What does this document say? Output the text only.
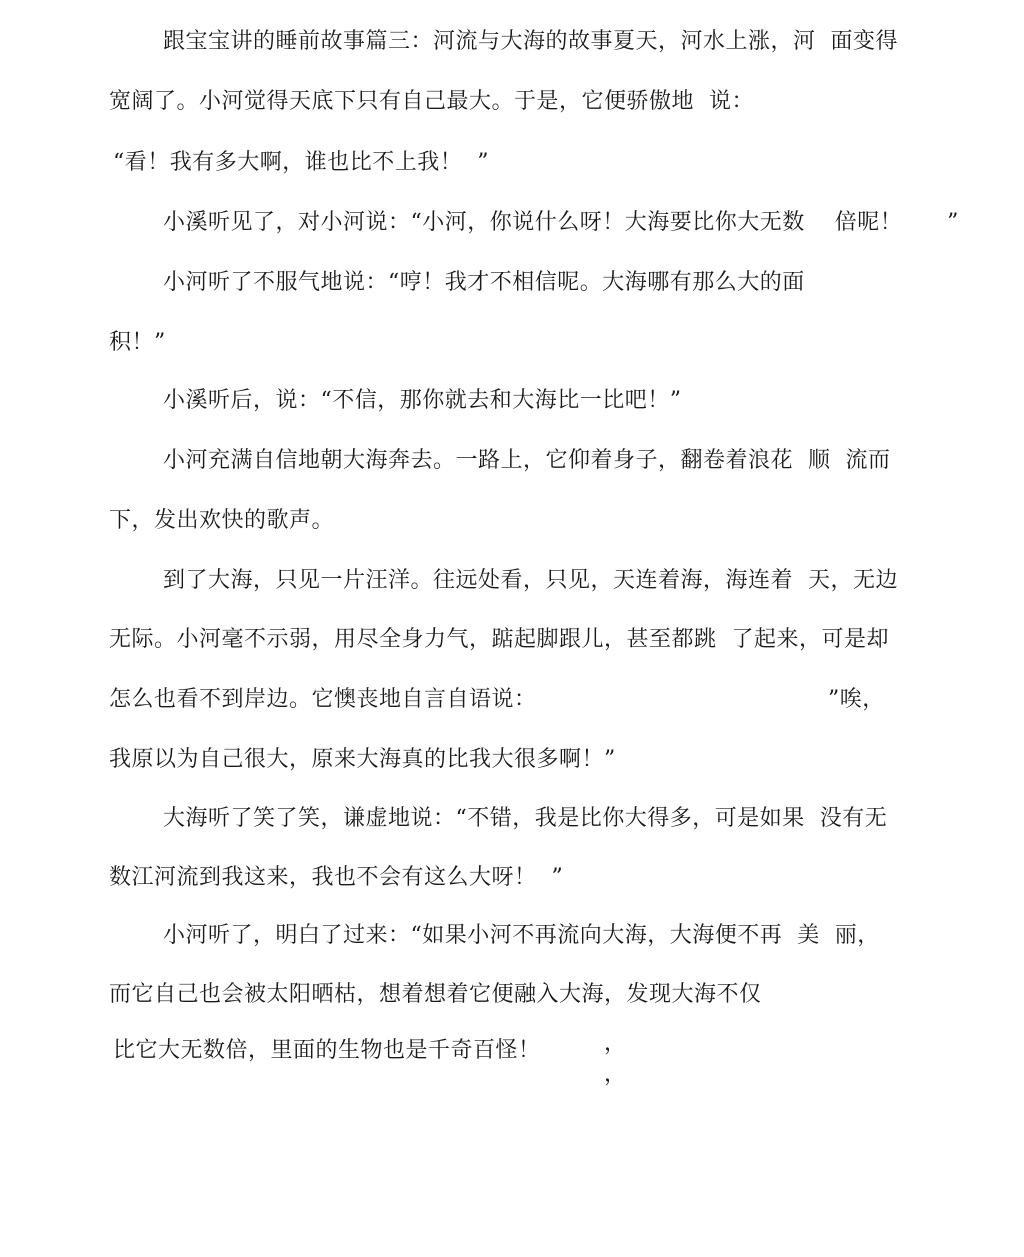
跟宝宝讲的睡前故事篇三：河流与大海的故事夏天，河水上涨，河  面变得
宽阔了。小河觉得天底下只有自己最大。于是，它便骄傲地  说：
“看！我有多大啊，谁也比不上我！  ”
小溪听见了，对小河说：“小河，你说什么呀！大海要比你大无数    倍呢！      ”
小河听了不服气地说：“哼！我才不相信呢。大海哪有那么大的面
积！”
小溪听后，说：“不信，那你就去和大海比一比吧！”
小河充满自信地朝大海奔去。一路上，它仰着身子，翻卷着浪花  顺  流而
下，发出欢快的歌声。
到了大海，只见一片汪洋。往远处看，只见，天连着海，海连着  天，无边
无际。小河毫不示弱，用尽全身力气，踮起脚跟儿，甚至都跳  了起来，可是却
怎么也看不到岸边。它懊丧地自言自语说：	”唉，
我原以为自己很大，原来大海真的比我大很多啊！”
大海听了笑了笑，谦虚地说：“不错，我是比你大得多，可是如果  没有无
数江河流到我这来，我也不会有这么大呀！  ”
小河听了，明白了过来：“如果小河不再流向大海，大海便不再  美  丽，
而它自己也会被太阳晒枯，想着想着它便融入大海，发现大海不仅
比它大无数倍，里面的生物也是千奇百怪！	，
，
